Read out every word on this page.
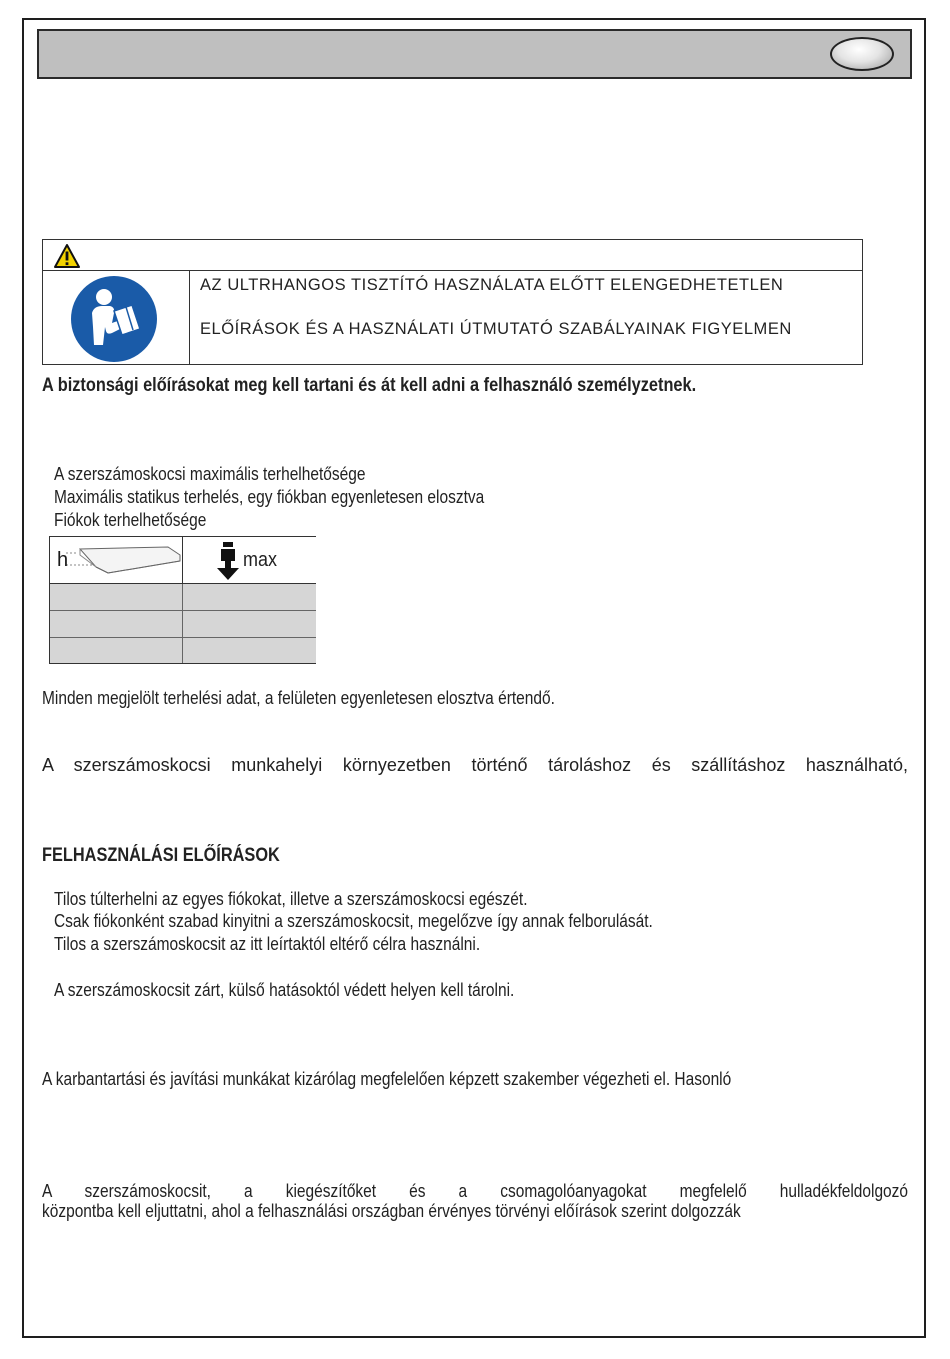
AZ ULTRHANGOS TISZTÍTÓ HASZNÁLATA ELŐTT ELENGEDHETETLEN
ELŐÍRÁSOK ÉS A HASZNÁLATI ÚTMUTATÓ SZABÁLYAINAK FIGYELMEN
A biztonsági előírásokat meg kell tartani és át kell adni a felhasználó személyzetnek.
A szerszámoskocsi maximális terhelhetősége
Maximális statikus terhelés, egy fiókban egyenletesen elosztva
Fiókok terhelhetősége
h	max
Minden megjelölt terhelési adat, a felületen egyenletesen elosztva értendő.
A szerszámoskocsi munkahelyi környezetben történő tároláshoz és szállításhoz használható,
FELHASZNÁLÁSI ELŐÍRÁSOK
Tilos túlterhelni az egyes fiókokat, illetve a szerszámoskocsi egészét.
Csak fiókonként szabad kinyitni a szerszámoskocsit, megelőzve így annak felborulását.
Tilos a szerszámoskocsit az itt leírtaktól eltérő célra használni.
A szerszámoskocsit zárt, külső hatásoktól védett helyen kell tárolni.
A karbantartási és javítási munkákat kizárólag megfelelően képzett szakember végezheti el. Hasonló
A szerszámoskocsit, a kiegészítőket és a csomagolóanyagokat megfelelő hulladékfeldolgozó
központba kell eljuttatni, ahol a felhasználási országban érvényes törvényi előírások szerint dolgozzák
